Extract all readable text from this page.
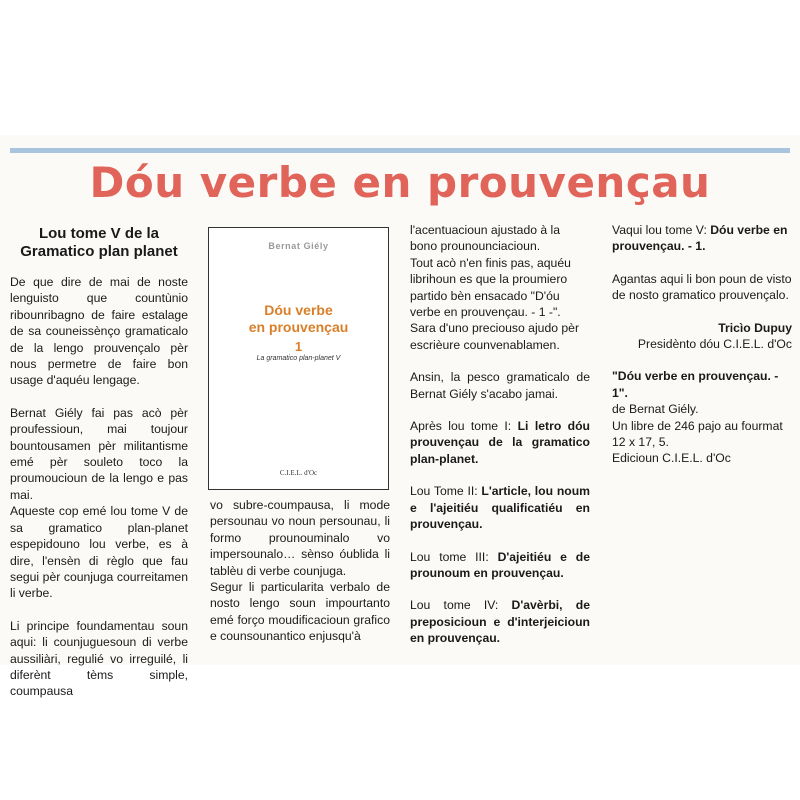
Dóu verbe en prouvençau
Lou tome V de la Gramatico plan planet

De que dire de mai de noste lenguisto que countùnio ribounribagno de faire estalage de sa couneissènço gramaticalo de la lengo prouvençalo pèr nous permetre de faire bon usage d'aquéu lengage.

Bernat Giély fai pas acò pèr proufessioun, mai toujour bountousamen pèr militantisme emé pèr souleto toco la proumoucioun de la lengo e pas mai.

Aqueste cop emé lou tome V de sa gramatico plan-planet espepidouno lou verbe, es à dire, l'ensèn di règlo que fau segui pèr counjuga courreitamen li verbe.

Li principe foundamentau soun aqui: li counjuguesoun di verbe aussiliàri, regulié vo irreguilé, li diferènt tèms simple, coumpausa

Bernat Giély
Dóu verbe
en prouvençau
1
La gramatico plan-planet V
C.I.E.L. d'Oc

vo subre-coumpausa, li mode persounau vo noun persounau, li formo prounouminalo vo impersounalo… sènso óublida li tablèu di verbe counjuga.

Segur li particularita verbalo de nosto lengo soun impourtanto emé forço moudificacioun grafico e counsounantico enjusqu'à

l'acentuacioun ajustado à la bono prounounciacioun.

Tout acò n'en finis pas, aquéu librihoun es que la proumiero partido bèn ensacado "D'óu verbe en prouvençau. - 1 -".

Sara d'uno preciouso ajudo pèr escrièure counvenablamen.

Ansin, la pesco gramaticalo de Bernat Giély s'acabo jamai.

Après lou tome I: Li letro dóu prouvençau de la gramatico plan-planet.

Lou Tome II: L'article, lou noum e l'ajeitiéu qualificatiéu en prouvençau.

Lou tome III: D'ajeitiéu e de prounoum en prouvençau.

Lou tome IV: D'avèrbi, de preposicioun e d'interjeicioun en prouvençau.

Vaqui lou tome V: Dóu verbe en prouvençau. - 1.

Agantas aqui li bon poun de visto de nosto gramatico prouvençalo.

Tricìo Dupuy
Presidènto dóu C.I.E.L. d'Oc
"Dóu verbe en prouvençau. - 1".
de Bernat Giély.
Un libre de 246 pajo au fourmat 12 x 17, 5.
Edicioun C.I.E.L. d'Oc
